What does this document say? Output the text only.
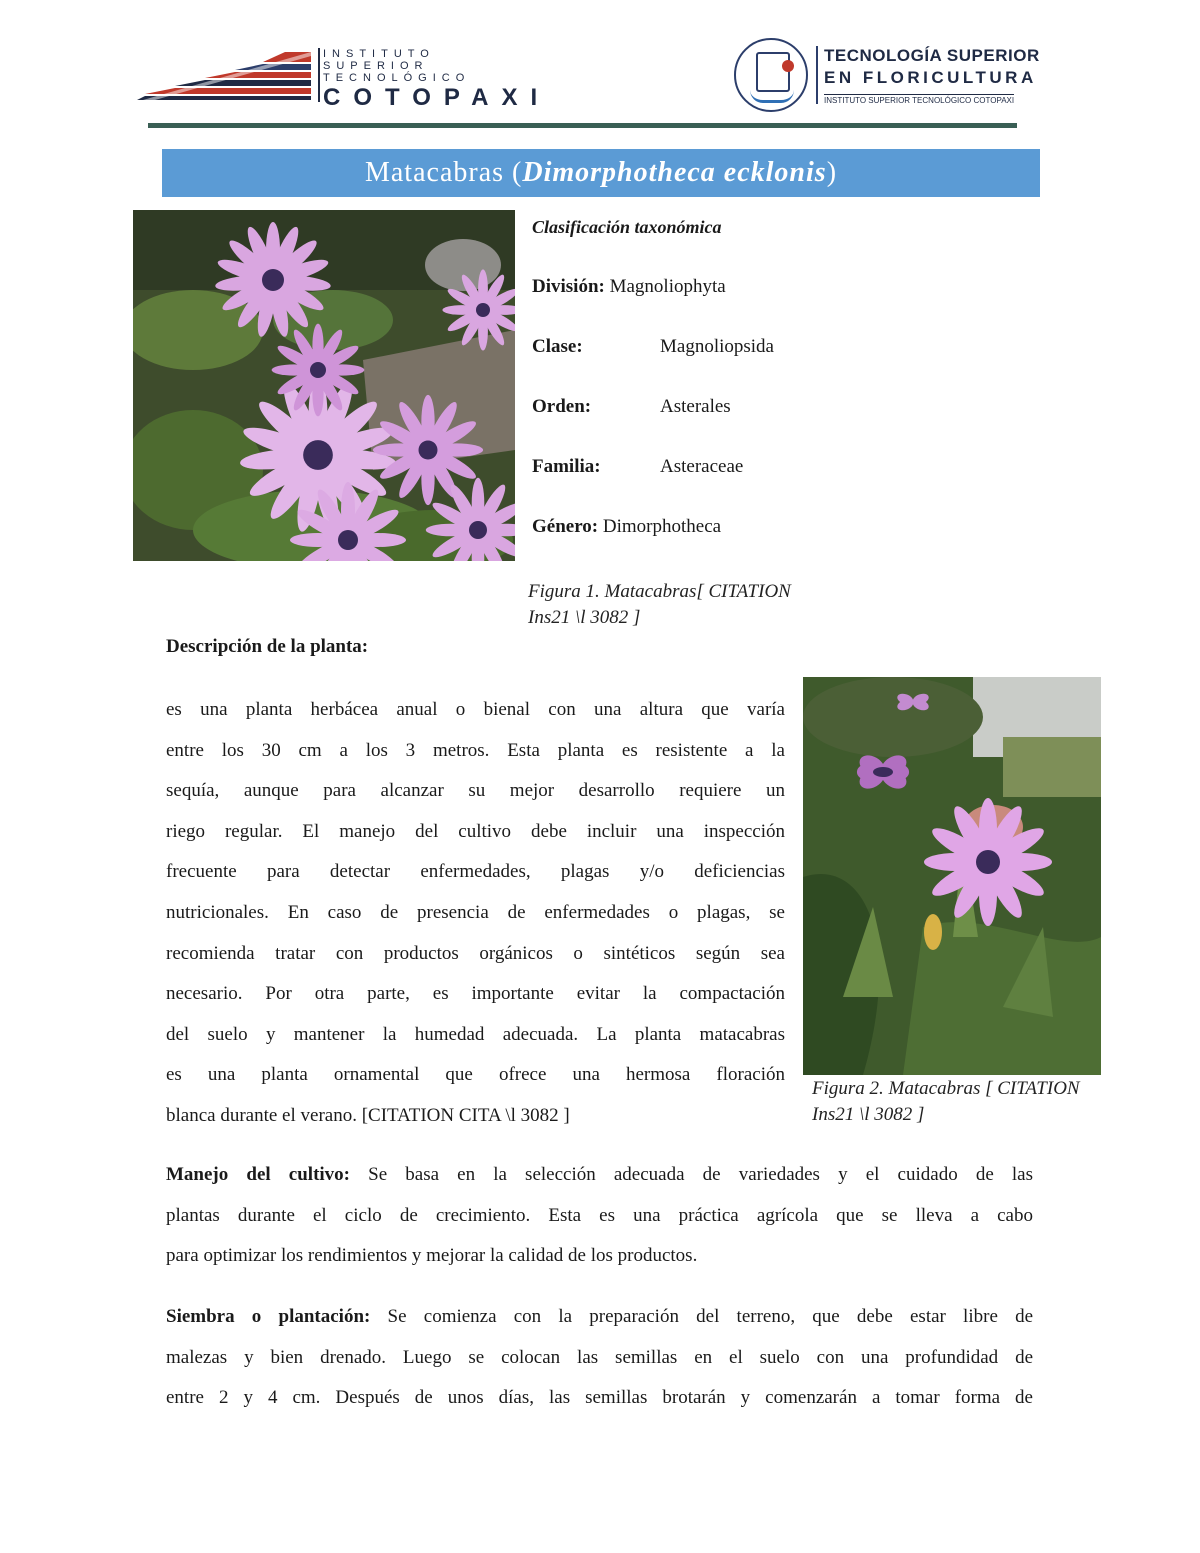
INSTITUTO
SUPERIOR TECNOLÓGICO
COTOPAXI
TECNOLOGÍA SUPERIOR
EN FLORICULTURA
INSTITUTO SUPERIOR TECNOLÓGICO COTOPAXI
Matacabras (Dimorphotheca ecklonis)
Clasificación taxonómica
División: Magnoliophyta
Clase:	Magnoliopsida
Orden:	Asterales
Familia:	Asteraceae
Género: Dimorphotheca
Figura 1. Matacabras[ CITATION
Ins21 \l 3082 ]
Descripción de la planta:
es una planta herbácea anual o bienal con una altura que varía
entre los 30 cm a los 3 metros. Esta planta es resistente a la
sequía, aunque para alcanzar su mejor desarrollo requiere un
riego regular. El manejo del cultivo debe incluir una inspección
frecuente para detectar enfermedades, plagas y/o deficiencias
nutricionales. En caso de presencia de enfermedades o plagas, se
recomienda tratar con productos orgánicos o sintéticos según sea
necesario. Por otra parte, es importante evitar la compactación
del suelo y mantener la humedad adecuada. La planta matacabras
es una planta ornamental que ofrece una hermosa floración
blanca durante el verano. [CITATION CITA \l 3082 ]
Figura 2. Matacabras [ CITATION
Ins21 \l 3082 ]
Manejo del cultivo: Se basa en la selección adecuada de variedades y el cuidado de las
plantas durante el ciclo de crecimiento. Esta es una práctica agrícola que se lleva a cabo
para optimizar los rendimientos y mejorar la calidad de los productos.
Siembra o plantación: Se comienza con la preparación del terreno, que debe estar libre de
malezas y bien drenado. Luego se colocan las semillas en el suelo con una profundidad de
entre 2 y 4 cm. Después de unos días, las semillas brotarán y comenzarán a tomar forma de
